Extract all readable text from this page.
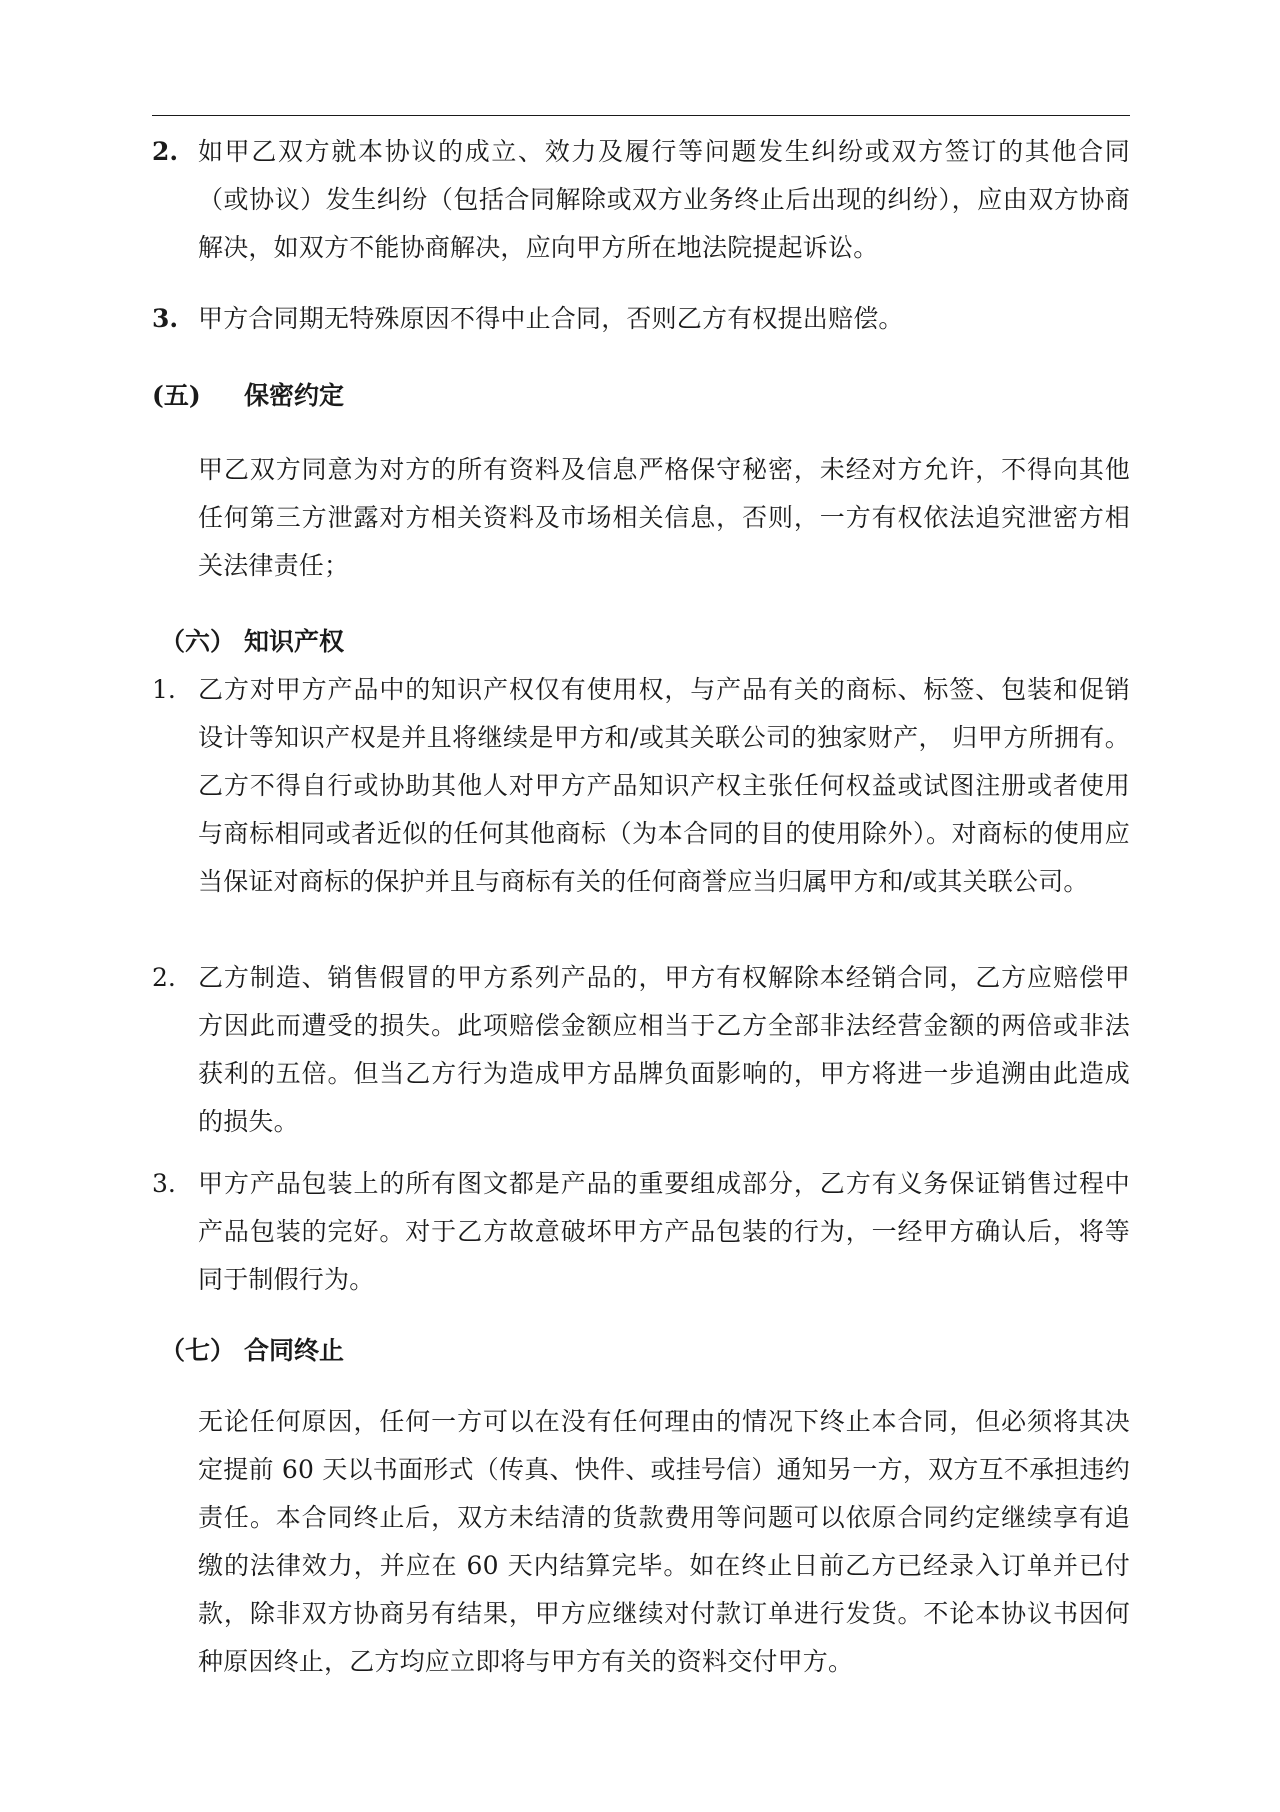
2. 如甲乙双方就本协议的成立、效力及履行等问题发生纠纷或双方签订的其他合同（或协议）发生纠纷（包括合同解除或双方业务终止后出现的纠纷），应由双方协商解决，如双方不能协商解决，应向甲方所在地法院提起诉讼。
3. 甲方合同期无特殊原因不得中止合同，否则乙方有权提出赔偿。
(五) 保密约定
甲乙双方同意为对方的所有资料及信息严格保守秘密，未经对方允许，不得向其他任何第三方泄露对方相关资料及市场相关信息，否则，一方有权依法追究泄密方相关法律责任；
（六） 知识产权
1. 乙方对甲方产品中的知识产权仅有使用权，与产品有关的商标、标签、包装和促销设计等知识产权是并且将继续是甲方和/或其关联公司的独家财产， 归甲方所拥有。乙方不得自行或协助其他人对甲方产品知识产权主张任何权益或试图注册或者使用与商标相同或者近似的任何其他商标（为本合同的目的使用除外）。对商标的使用应当保证对商标的保护并且与商标有关的任何商誉应当归属甲方和/或其关联公司。
2. 乙方制造、销售假冒的甲方系列产品的，甲方有权解除本经销合同，乙方应赔偿甲方因此而遭受的损失。此项赔偿金额应相当于乙方全部非法经营金额的两倍或非法获利的五倍。但当乙方行为造成甲方品牌负面影响的，甲方将进一步追溯由此造成的损失。
3. 甲方产品包装上的所有图文都是产品的重要组成部分，乙方有义务保证销售过程中产品包装的完好。对于乙方故意破坏甲方产品包装的行为，一经甲方确认后，将等同于制假行为。
（七） 合同终止
无论任何原因，任何一方可以在没有任何理由的情况下终止本合同，但必须将其决定提前 60 天以书面形式（传真、快件、或挂号信）通知另一方，双方互不承担违约责任。本合同终止后，双方未结清的货款费用等问题可以依原合同约定继续享有追缴的法律效力，并应在 60 天内结算完毕。如在终止日前乙方已经录入订单并已付款，除非双方协商另有结果，甲方应继续对付款订单进行发货。不论本协议书因何种原因终止，乙方均应立即将与甲方有关的资料交付甲方。
